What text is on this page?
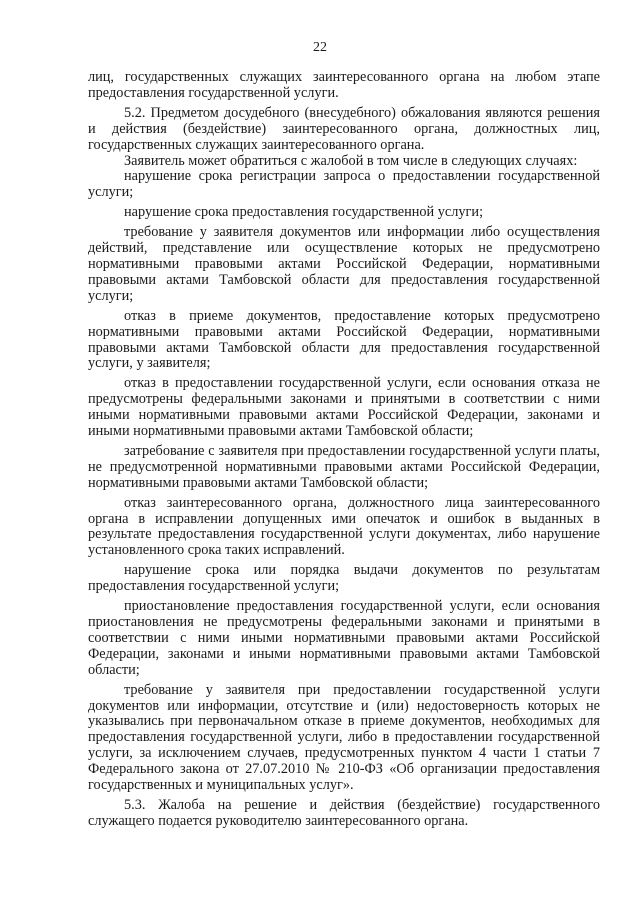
22

лиц, государственных служащих заинтересованного органа на любом этапе предоставления государственной услуги.

5.2. Предметом досудебного (внесудебного) обжалования являются решения и действия (бездействие) заинтересованного органа, должностных лиц, государственных служащих заинтересованного органа.

Заявитель может обратиться с жалобой в том числе в следующих случаях:

нарушение срока регистрации запроса о предоставлении государственной услуги;

нарушение срока предоставления государственной услуги;

требование у заявителя документов или информации либо осуществления действий, представление или осуществление которых не предусмотрено нормативными правовыми актами Российской Федерации, нормативными правовыми актами Тамбовской области для предоставления государственной услуги;

отказ в приеме документов, предоставление которых предусмотрено нормативными правовыми актами Российской Федерации, нормативными правовыми актами Тамбовской области для предоставления государственной услуги, у заявителя;

отказ в предоставлении государственной услуги, если основания отказа не предусмотрены федеральными законами и принятыми в соответствии с ними иными нормативными правовыми актами Российской Федерации, законами и иными нормативными правовыми актами Тамбовской области;

затребование с заявителя при предоставлении государственной услуги платы, не предусмотренной нормативными правовыми актами Российской Федерации, нормативными правовыми актами Тамбовской области;

отказ заинтересованного органа, должностного лица заинтересованного органа в исправлении допущенных ими опечаток и ошибок в выданных в результате предоставления государственной услуги документах, либо нарушение установленного срока таких исправлений.

нарушение срока или порядка выдачи документов по результатам предоставления государственной услуги;

приостановление предоставления государственной услуги, если основания приостановления не предусмотрены федеральными законами и принятыми в соответствии с ними иными нормативными правовыми актами Российской Федерации, законами и иными нормативными правовыми актами Тамбовской области;

требование у заявителя при предоставлении государственной услуги документов или информации, отсутствие и (или) недостоверность которых не указывались при первоначальном отказе в приеме документов, необходимых для предоставления государственной услуги, либо в предоставлении государственной услуги, за исключением случаев, предусмотренных пунктом 4 части 1 статьи 7 Федерального закона от 27.07.2010 № 210-ФЗ «Об организации предоставления государственных и муниципальных услуг».

5.3. Жалоба на решение и действия (бездействие) государственного служащего подается руководителю заинтересованного органа.
